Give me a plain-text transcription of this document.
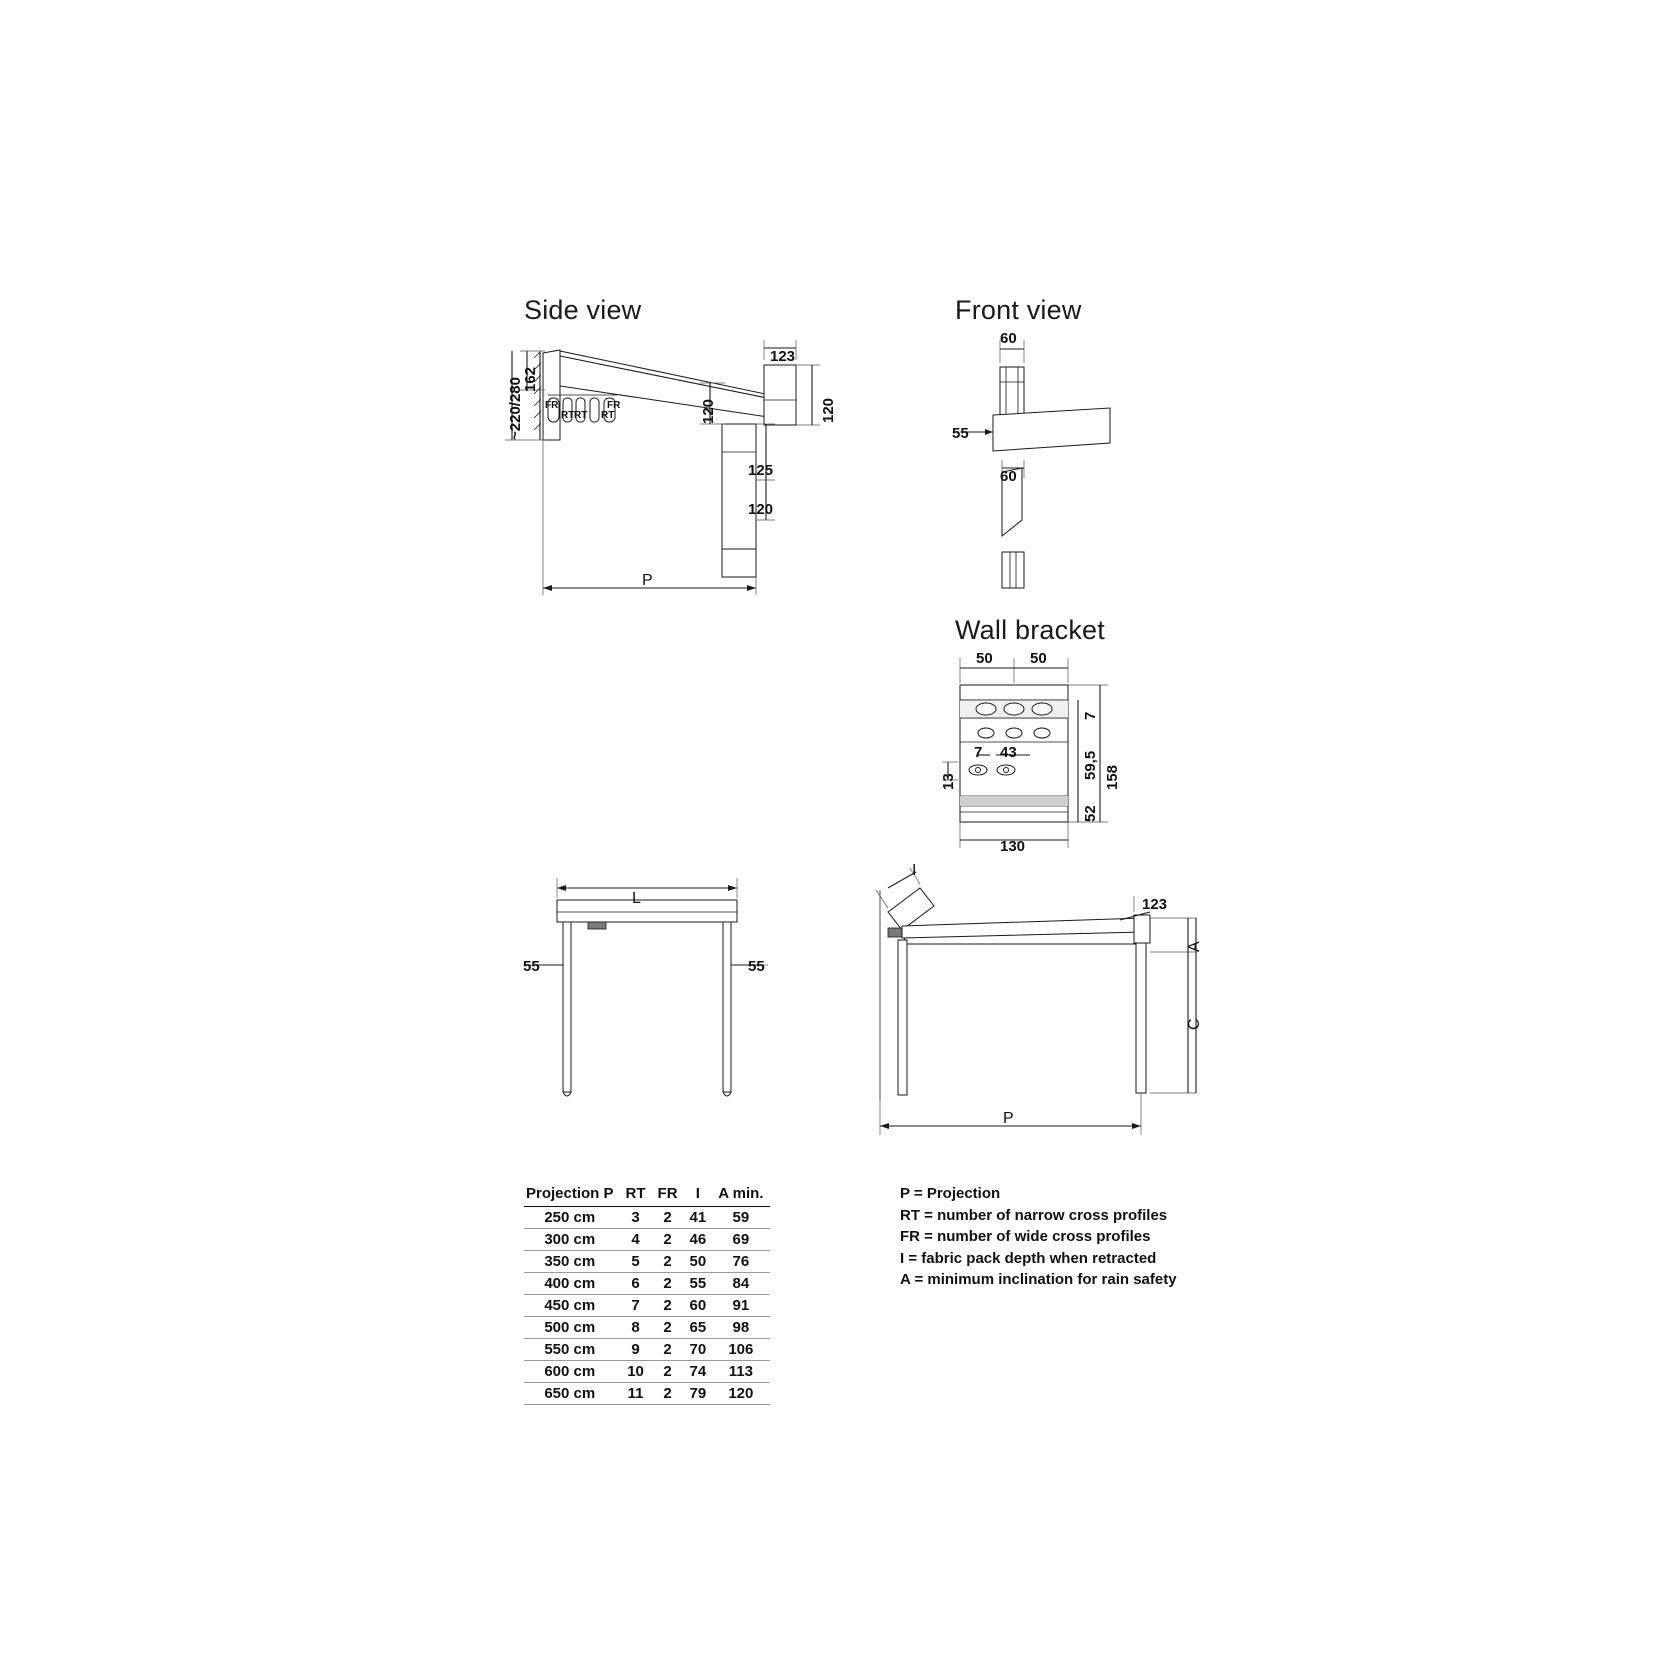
Side view
162
~220/280
123
120
120
125
120
P
FR
RT RT RT
FR
Front view
60
55
60
Wall bracket
50 50
7
7 43	59,5 158
13
52
130
L
55	55
I
123
A
C
P
Projection P	RT	FR	I	A min.
250 cm	3	2	41	59
300 cm	4	2	46	69
350 cm	5	2	50	76
400 cm	6	2	55	84
450 cm	7	2	60	91
500 cm	8	2	65	98
550 cm	9	2	70	106
600 cm	10	2	74	113
650 cm	11	2	79	120
P = Projection
RT = number of narrow cross profiles
FR = number of wide cross profiles
I = fabric pack depth when retracted
A = minimum inclination for rain safety
